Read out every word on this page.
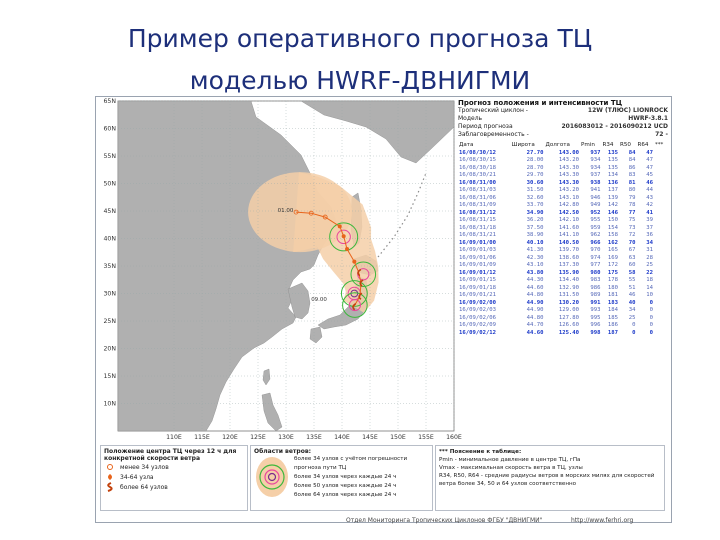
Пример оперативного прогноза ТЦ
моделью HWRF-ДВНИГМИ
01.00
09.00
110E 115E 120E 125E 130E 135E 140E 145E 150E 155E 160E
65N
60N
55N
50N
45N
40N
35N
30N
25N
20N
15N
10N
Прогноз положения и интенсивности ТЦ
Тропический циклон -	12W (ТЛЮС) LIONROCK
Модель	HWRF-3.8.1
Период прогноза	2016083012 - 2016090212 UCD
Заблаговременность -	72 -
Дата	Широта	Долгота	Pmin	R34	R50	R64	***
16/08/30/12	27.70	143.00	937	135	84	47	
16/08/30/15	28.00	143.20	934	135	84	47	
16/08/30/18	28.70	143.30	934	135	86	47	
16/08/30/21	29.70	143.30	937	134	83	45	
16/08/31/00	30.60	143.30	938	136	81	46	
16/08/31/03	31.50	143.20	941	137	80	44	
16/08/31/06	32.60	143.10	946	139	79	43	
16/08/31/09	33.70	142.80	949	142	78	42	
16/08/31/12	34.90	142.50	952	146	77	41	
16/08/31/15	36.20	142.10	955	150	75	39	
16/08/31/18	37.50	141.60	959	154	73	37	
16/08/31/21	38.90	141.10	962	158	72	36	
16/09/01/00	40.10	140.50	966	162	70	34	
16/09/01/03	41.30	139.70	970	165	67	31	
16/09/01/06	42.30	138.60	974	169	63	28	
16/09/01/09	43.10	137.30	977	172	60	25	
16/09/01/12	43.80	135.90	980	175	58	22	
16/09/01/15	44.30	134.40	983	178	55	18	
16/09/01/18	44.60	132.90	986	180	51	14	
16/09/01/21	44.80	131.50	989	181	46	10	
16/09/02/00	44.90	130.20	991	183	40	0	
16/09/02/03	44.90	129.00	993	184	34	0	
16/09/02/06	44.80	127.80	995	185	25	0	
16/09/02/09	44.70	126.60	996	186	0	0	
16/09/02/12	44.60	125.40	998	187	0	0	
Положение центра ТЦ через 12 ч для конкретной скорости ветра
менее 34 узлов
34-64 узла
более 64 узлов
Области ветров:
более 34 узлов с учётом погрешности прогноза пути ТЦ
более 34 узлов через каждые 24 ч
более 50 узлов через каждые 24 ч
более 64 узлов через каждые 24 ч
*** Пояснение к таблице:
Pmin - минимальное давление в центре ТЦ, гПа
Vmax - максимальная скорость ветра в ТЦ, узлы
R34, R50, R64 - средние радиусы ветров в морских милях для скоростей ветра более 34, 50 и 64 узлов соответственно
Отдел Мониторинга Тропических Циклонов ФГБУ "ДВНИГМИ"	http://www.ferhri.org
